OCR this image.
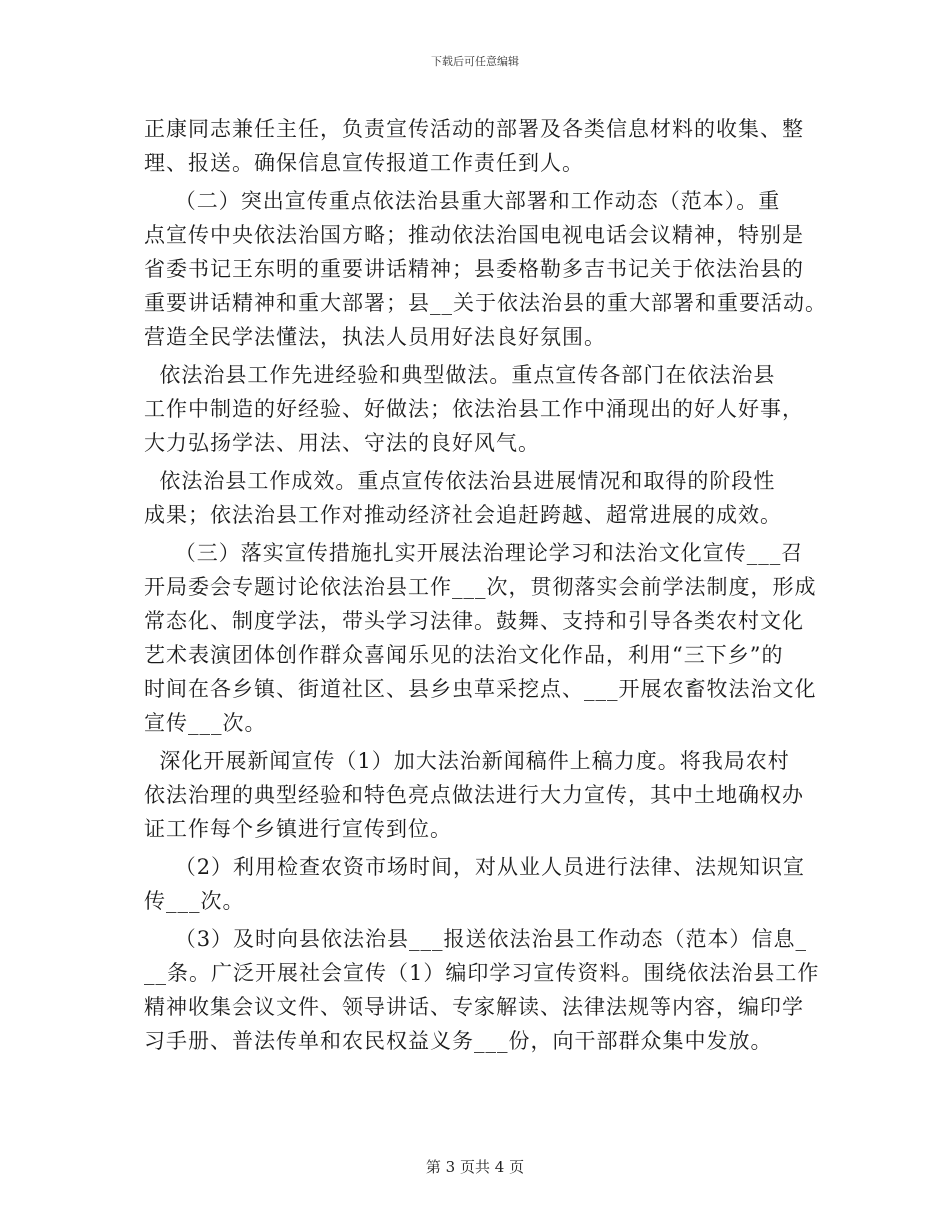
下载后可任意编辑
正康同志兼任主任，负责宣传活动的部署及各类信息材料的收集、整
理、报送。确保信息宣传报道工作责任到人。
（二）突出宣传重点依法治县重大部署和工作动态（范本）。重
点宣传中央依法治国方略；推动依法治国电视电话会议精神，特别是
省委书记王东明的重要讲话精神；县委格勒多吉书记关于依法治县的
重要讲话精神和重大部署；县__关于依法治县的重大部署和重要活动。
营造全民学法懂法，执法人员用好法良好氛围。
依法治县工作先进经验和典型做法。重点宣传各部门在依法治县
工作中制造的好经验、好做法；依法治县工作中涌现出的好人好事，
大力弘扬学法、用法、守法的良好风气。
依法治县工作成效。重点宣传依法治县进展情况和取得的阶段性
成果；依法治县工作对推动经济社会追赶跨越、超常进展的成效。
（三）落实宣传措施扎实开展法治理论学习和法治文化宣传___召
开局委会专题讨论依法治县工作___次，贯彻落实会前学法制度，形成
常态化、制度学法，带头学习法律。鼓舞、支持和引导各类农村文化
艺术表演团体创作群众喜闻乐见的法治文化作品，利用“三下乡”的
时间在各乡镇、街道社区、县乡虫草采挖点、___开展农畜牧法治文化
宣传___次。
深化开展新闻宣传（1）加大法治新闻稿件上稿力度。将我局农村
依法治理的典型经验和特色亮点做法进行大力宣传，其中土地确权办
证工作每个乡镇进行宣传到位。
（2）利用检查农资市场时间，对从业人员进行法律、法规知识宣
传___次。
（3）及时向县依法治县___报送依法治县工作动态（范本）信息_
__条。广泛开展社会宣传（1）编印学习宣传资料。围绕依法治县工作
精神收集会议文件、领导讲话、专家解读、法律法规等内容，编印学
习手册、普法传单和农民权益义务___份，向干部群众集中发放。
第 3 页共 4 页
